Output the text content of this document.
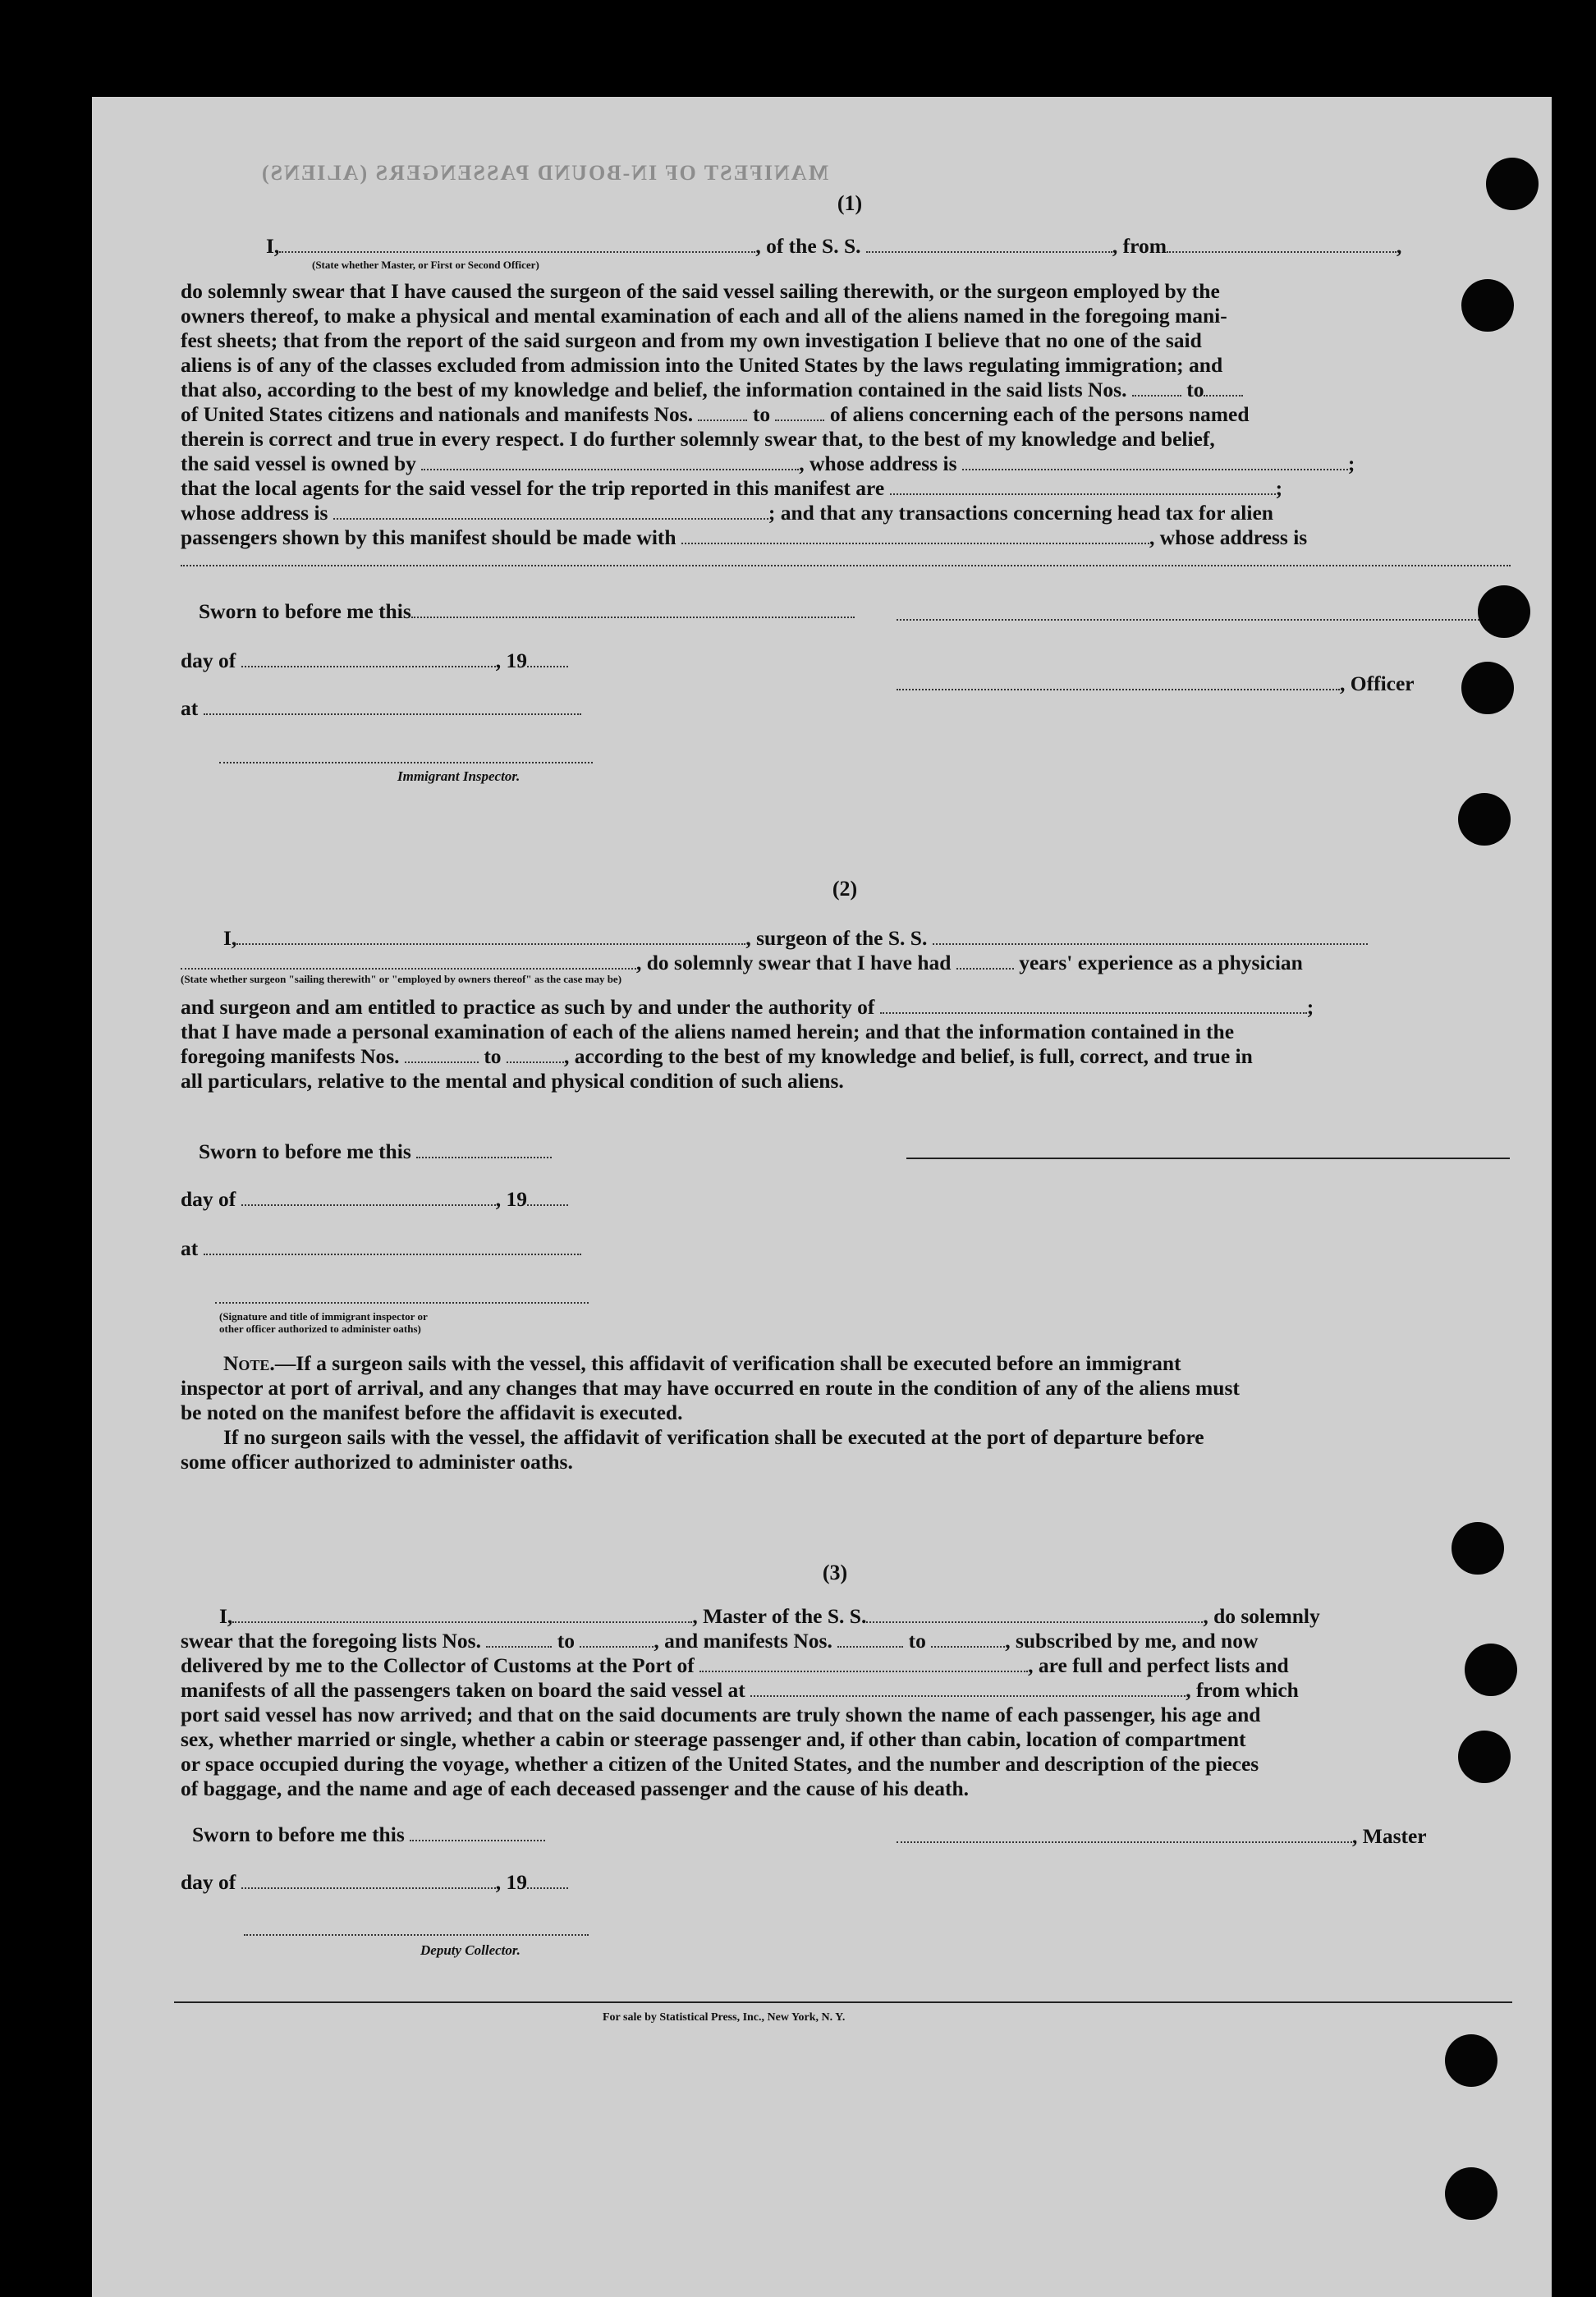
MANIFEST OF IN-BOUND PASSENGERS (ALIENS)
(1)
I,	, of the S. S.	, from	,
(State whether Master, or First or Second Officer)
do solemnly swear that I have caused the surgeon of the said vessel sailing therewith, or the surgeon employed by the
owners thereof, to make a physical and mental examination of each and all of the aliens named in the foregoing mani-
fest sheets; that from the report of the said surgeon and from my own investigation I believe that no one of the said
aliens is of any of the classes excluded from admission into the United States by the laws regulating immigration; and
that also, according to the best of my knowledge and belief, the information contained in the said lists Nos.	to
of United States citizens and nationals and manifests Nos.	to	of aliens concerning each of the persons named
therein is correct and true in every respect. I do further solemnly swear that, to the best of my knowledge and belief,
the said vessel is owned by	, whose address is	;
that the local agents for the said vessel for the trip reported in this manifest are	;
whose address is	; and that any transactions concerning head tax for alien
passengers shown by this manifest should be made with	, whose address is
Sworn to before me this
day of	, 19
, Officer
at
Immigrant Inspector.
(2)
I,	, surgeon of the S. S.
, do solemnly swear that I have had	years' experience as a physician
(State whether surgeon "sailing therewith" or "employed by owners thereof" as the case may be)
and surgeon and am entitled to practice as such by and under the authority of	;
that I have made a personal examination of each of the aliens named herein; and that the information contained in the
foregoing manifests Nos.	to	, according to the best of my knowledge and belief, is full, correct, and true in
all particulars, relative to the mental and physical condition of such aliens.
Sworn to before me this
day of	, 19
at
(Signature and title of immigrant inspector or
other officer authorized to administer oaths)
Note.—If a surgeon sails with the vessel, this affidavit of verification shall be executed before an immigrant
inspector at port of arrival, and any changes that may have occurred en route in the condition of any of the aliens must
be noted on the manifest before the affidavit is executed.
If no surgeon sails with the vessel, the affidavit of verification shall be executed at the port of departure before
some officer authorized to administer oaths.
(3)
I,	, Master of the S. S.	, do solemnly
swear that the foregoing lists Nos.	to	, and manifests Nos.	to	, subscribed by me, and now
delivered by me to the Collector of Customs at the Port of	, are full and perfect lists and
manifests of all the passengers taken on board the said vessel at	, from which
port said vessel has now arrived; and that on the said documents are truly shown the name of each passenger, his age and
sex, whether married or single, whether a cabin or steerage passenger and, if other than cabin, location of compartment
or space occupied during the voyage, whether a citizen of the United States, and the number and description of the pieces
of baggage, and the name and age of each deceased passenger and the cause of his death.
Sworn to before me this	, Master
day of	, 19
Deputy Collector.
For sale by Statistical Press, Inc., New York, N. Y.
